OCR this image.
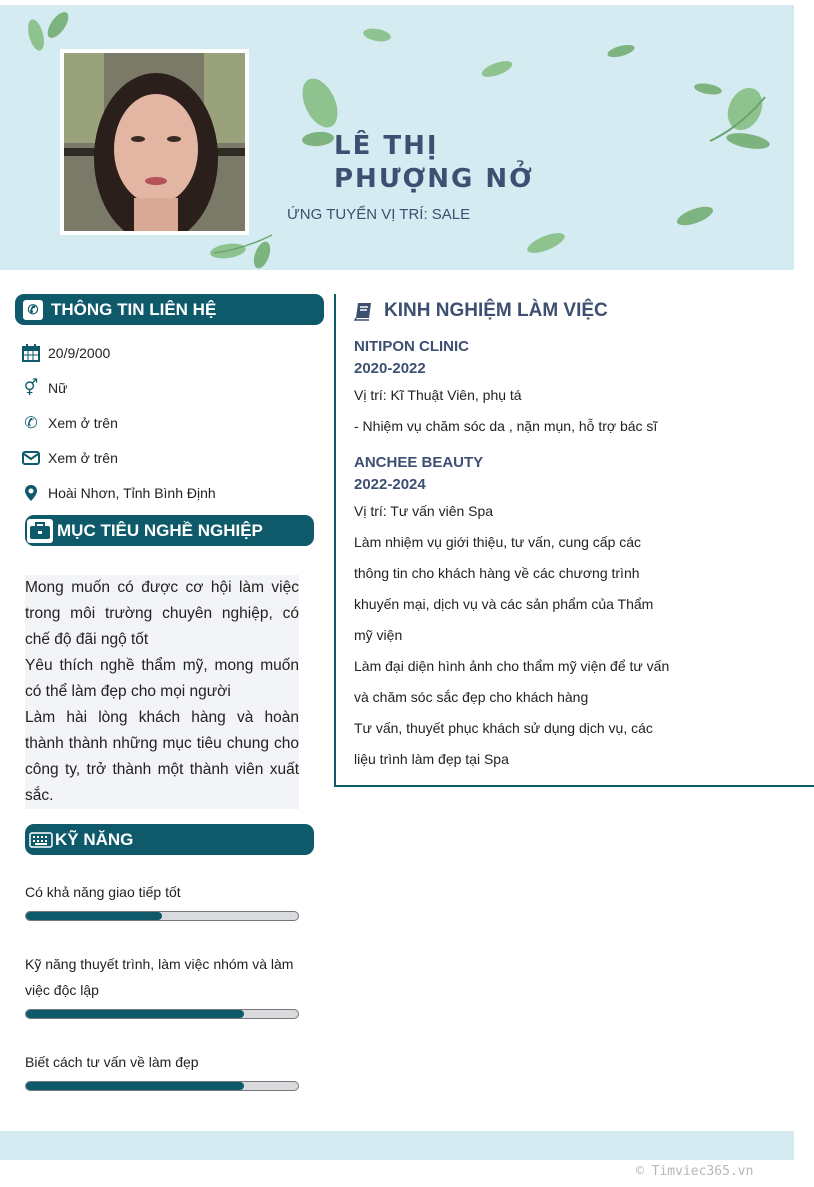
LÊ THỊ
PHƯỢNG NỞ
ỨNG TUYỂN VỊ TRÍ: SALE
✆ THÔNG TIN LIÊN HỆ
20/9/2000
⚥ Nữ
✆ Xem ở trên
Xem ở trên
Hoài Nhơn, Tỉnh Bình Định
MỤC TIÊU NGHỀ NGHIỆP

Mong muốn có được cơ hội làm việc trong môi trường chuyên nghiệp, có chế độ đãi ngộ tốt

Yêu thích nghề thẩm mỹ, mong muốn có thể làm đẹp cho mọi người

Làm hài lòng khách hàng và hoàn thành thành những mục tiêu chung cho công ty, trở thành một thành viên xuất sắc.

KỸ NĂNG
Có khả năng giao tiếp tốt
Kỹ năng thuyết trình, làm việc nhóm và làm việc độc lập
Biết cách tư vấn về làm đẹp
KINH NGHIỆM LÀM VIỆC
NITIPON CLINIC
2020-2022
Vị trí: Kĩ Thuật Viên, phụ tá
- Nhiệm vụ chăm sóc da , nặn mụn, hỗ trợ bác sĩ
ANCHEE BEAUTY
2022-2024
Vị trí: Tư vấn viên Spa
Làm nhiệm vụ giới thiệu, tư vấn, cung cấp các
thông tin cho khách hàng về các chương trình
khuyến mại, dịch vụ và các sản phẩm của Thẩm
mỹ viện
Làm đại diện hình ảnh cho thẩm mỹ viện để tư vấn
và chăm sóc sắc đẹp cho khách hàng
Tư vấn, thuyết phục khách sử dụng dịch vụ, các
liệu trình làm đẹp tại Spa
© Timviec365.vn
